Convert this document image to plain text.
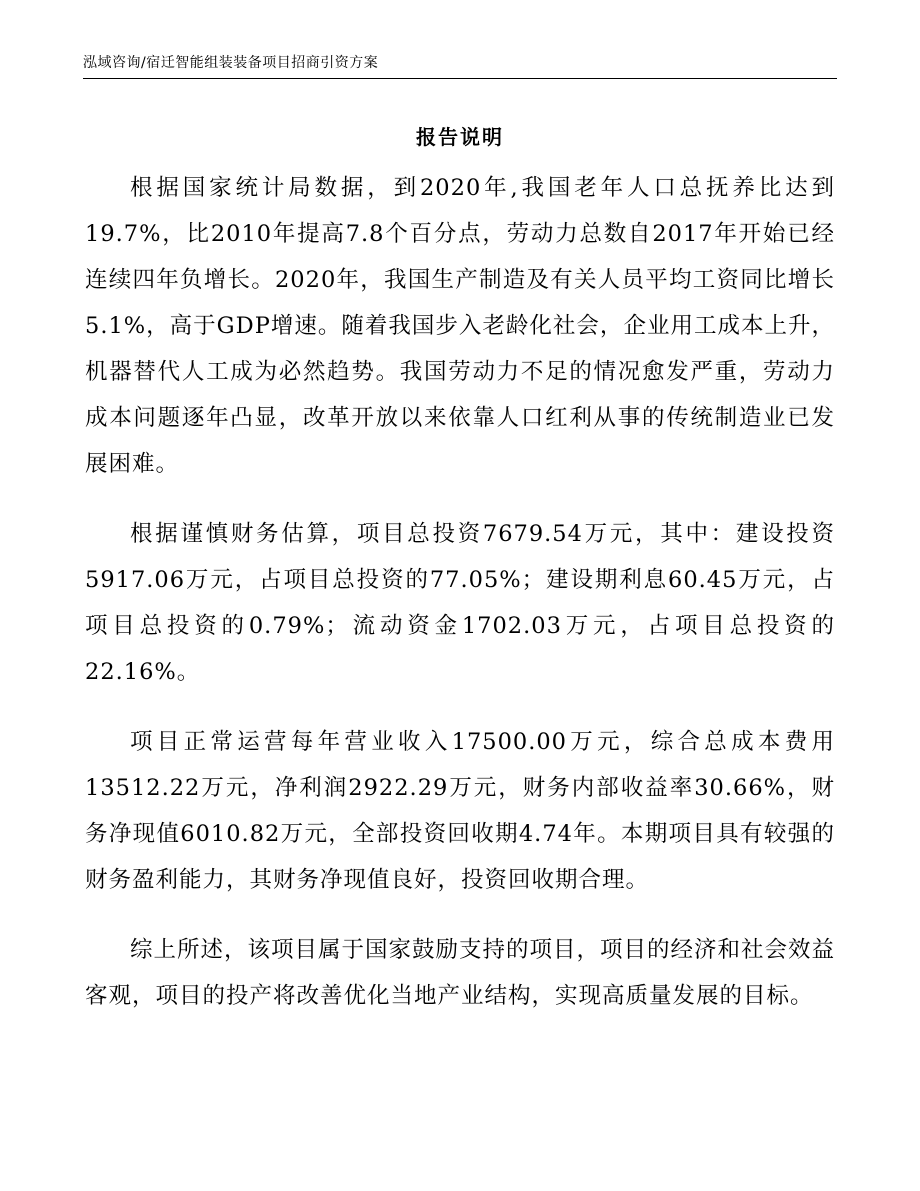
泓域咨询/宿迁智能组装装备项目招商引资方案
报告说明

根据国家统计局数据，到2020年,我国老年人口总抚养比达到19.7%，比2010年提高7.8个百分点，劳动力总数自2017年开始已经连续四年负增长。2020年，我国生产制造及有关人员平均工资同比增长5.1%，高于GDP增速。随着我国步入老龄化社会，企业用工成本上升，机器替代人工成为必然趋势。我国劳动力不足的情况愈发严重，劳动力成本问题逐年凸显，改革开放以来依靠人口红利从事的传统制造业已发展困难。

根据谨慎财务估算，项目总投资7679.54万元，其中：建设投资5917.06万元，占项目总投资的77.05%；建设期利息60.45万元，占项目总投资的0.79%；流动资金1702.03万元，占项目总投资的22.16%。

项目正常运营每年营业收入17500.00万元，综合总成本费用13512.22万元，净利润2922.29万元，财务内部收益率30.66%，财务净现值6010.82万元，全部投资回收期4.74年。本期项目具有较强的财务盈利能力，其财务净现值良好，投资回收期合理。

综上所述，该项目属于国家鼓励支持的项目，项目的经济和社会效益客观，项目的投产将改善优化当地产业结构，实现高质量发展的目标。
